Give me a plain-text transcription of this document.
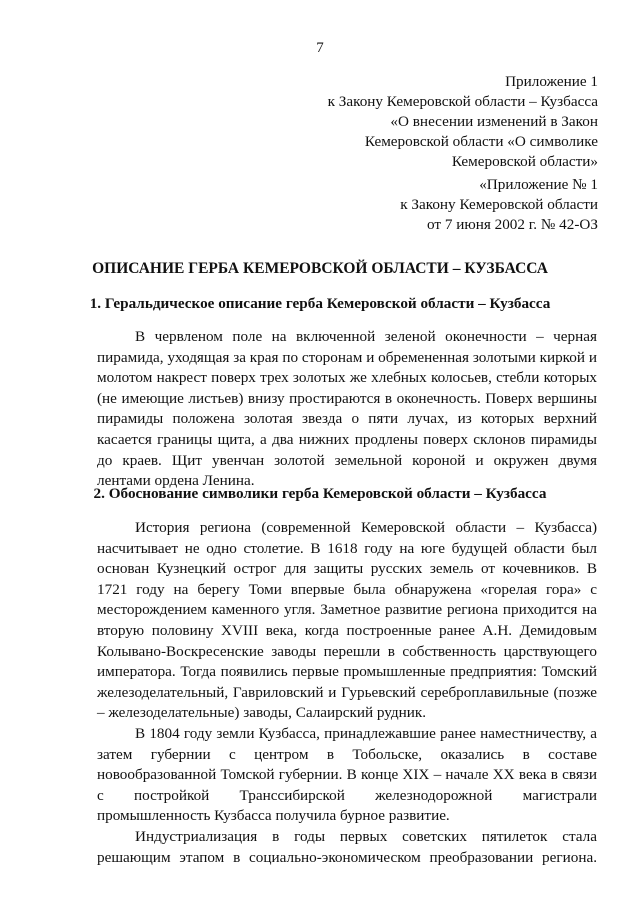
7
Приложение 1
к Закону Кемеровской области – Кузбасса
«О внесении изменений в Закон
Кемеровской области «О символике
Кемеровской области»
«Приложение № 1
к Закону Кемеровской области
от 7 июня 2002 г. № 42-ОЗ
ОПИСАНИЕ ГЕРБА КЕМЕРОВСКОЙ ОБЛАСТИ – КУЗБАССА
1. Геральдическое описание герба Кемеровской области – Кузбасса

В червленом поле на включенной зеленой оконечности – черная пирамида, уходящая за края по сторонам и обремененная золотыми киркой и молотом накрест поверх трех золотых же хлебных колосьев, стебли которых (не имеющие листьев) внизу простираются в оконечность. Поверх вершины пирамиды положена золотая звезда о пяти лучах, из которых верхний касается границы щита, а два нижних продлены поверх склонов пирамиды до краев. Щит увенчан золотой земельной короной и окружен двумя лентами ордена Ленина.

2. Обоснование символики герба Кемеровской области – Кузбасса

История региона (современной Кемеровской области – Кузбасса) насчитывает не одно столетие. В 1618 году на юге будущей области был основан Кузнецкий острог для защиты русских земель от кочевников. В 1721 году на берегу Томи впервые была обнаружена «горелая гора» с месторождением каменного угля. Заметное развитие региона приходится на вторую половину XVIII века, когда построенные ранее А.Н. Демидовым Колывано-Воскресенские заводы перешли в собственность царствующего императора. Тогда появились первые промышленные предприятия: Томский железоделательный, Гавриловский и Гурьевский сереброплавильные (позже – железоделательные) заводы, Салаирский рудник.

В 1804 году земли Кузбасса, принадлежавшие ранее наместничеству, а затем губернии с центром в Тобольске, оказались в составе новообразованной Томской губернии. В конце XIX – начале XX века в связи с постройкой Транссибирской железнодорожной магистрали промышленность Кузбасса получила бурное развитие.

Индустриализация в годы первых советских пятилеток стала решающим этапом в социально-экономическом преобразовании региона.
